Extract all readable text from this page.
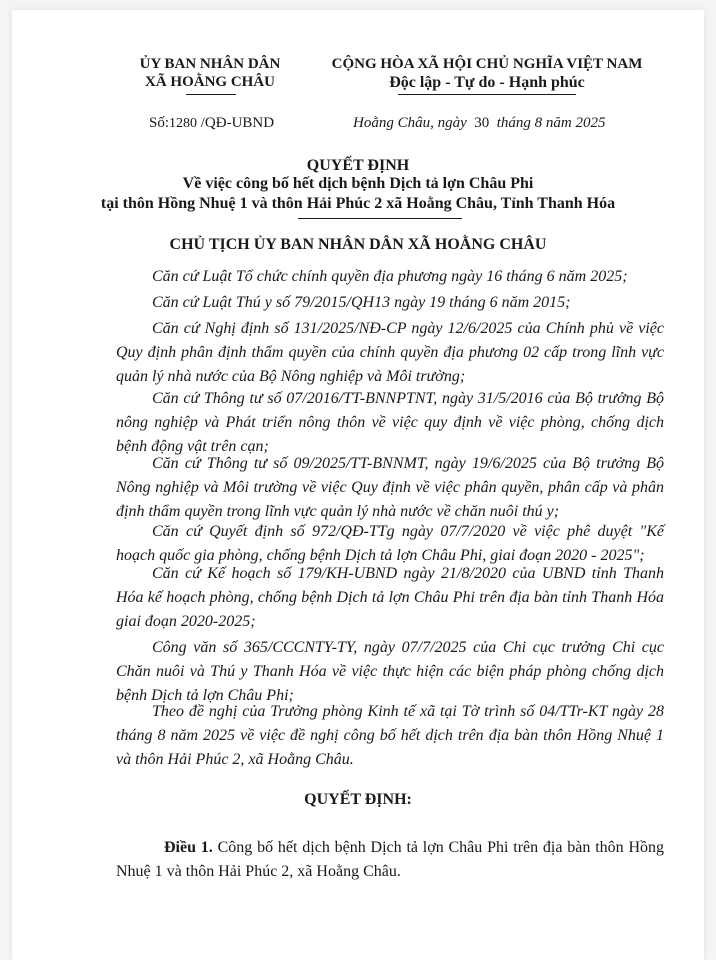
ỦY BAN NHÂN DÂN
XÃ HOẰNG CHÂU
CỘNG HÒA XÃ HỘI CHỦ NGHĨA VIỆT NAM
Độc lập - Tự do - Hạnh phúc
Số:1280 /QĐ-UBND	Hoằng Châu, ngày 30 tháng 8 năm 2025
QUYẾT ĐỊNH
Về việc công bố hết dịch bệnh Dịch tả lợn Châu Phi
tại thôn Hồng Nhuệ 1 và thôn Hải Phúc 2 xã Hoằng Châu, Tỉnh Thanh Hóa
CHỦ TỊCH ỦY BAN NHÂN DÂN XÃ HOẰNG CHÂU
Căn cứ Luật Tổ chức chính quyền địa phương ngày 16 tháng 6 năm 2025;
Căn cứ Luật Thú y số 79/2015/QH13 ngày 19 tháng 6 năm 2015;
Căn cứ Nghị định số 131/2025/NĐ-CP ngày 12/6/2025 của Chính phủ về việc Quy định phân định thẩm quyền của chính quyền địa phương 02 cấp trong lĩnh vực quản lý nhà nước của Bộ Nông nghiệp và Môi trường;
Căn cứ Thông tư số 07/2016/TT-BNNPTNT, ngày 31/5/2016 của Bộ trưởng Bộ nông nghiệp và Phát triển nông thôn về việc quy định về việc phòng, chống dịch bệnh động vật trên cạn;
Căn cứ Thông tư số 09/2025/TT-BNNMT, ngày 19/6/2025 của Bộ trưởng Bộ Nông nghiệp và Môi trường về việc Quy định về việc phân quyền, phân cấp và phân định thẩm quyền trong lĩnh vực quản lý nhà nước về chăn nuôi thú y;
Căn cứ Quyết định số 972/QĐ-TTg ngày 07/7/2020 về việc phê duyệt "Kế hoạch quốc gia phòng, chống bệnh Dịch tả lợn Châu Phi, giai đoạn 2020 - 2025";
Căn cứ Kế hoạch số 179/KH-UBND ngày 21/8/2020 của UBND tỉnh Thanh Hóa kế hoạch phòng, chống bệnh Dịch tả lợn Châu Phi trên địa bàn tỉnh Thanh Hóa giai đoạn 2020-2025;
Công văn số 365/CCCNTY-TY, ngày 07/7/2025 của Chi cục trưởng Chi cục Chăn nuôi và Thú y Thanh Hóa về việc thực hiện các biện pháp phòng chống dịch bệnh Dịch tả lợn Châu Phi;
Theo đề nghị của Trưởng phòng Kinh tế xã tại Tờ trình số 04/TTr-KT ngày 28 tháng 8 năm 2025 về việc đề nghị công bố hết dịch trên địa bàn thôn Hồng Nhuệ 1 và thôn Hải Phúc 2, xã Hoằng Châu.
QUYẾT ĐỊNH:
Điều 1. Công bố hết dịch bệnh Dịch tả lợn Châu Phi trên địa bàn thôn Hồng Nhuệ 1 và thôn Hải Phúc 2, xã Hoằng Châu.
